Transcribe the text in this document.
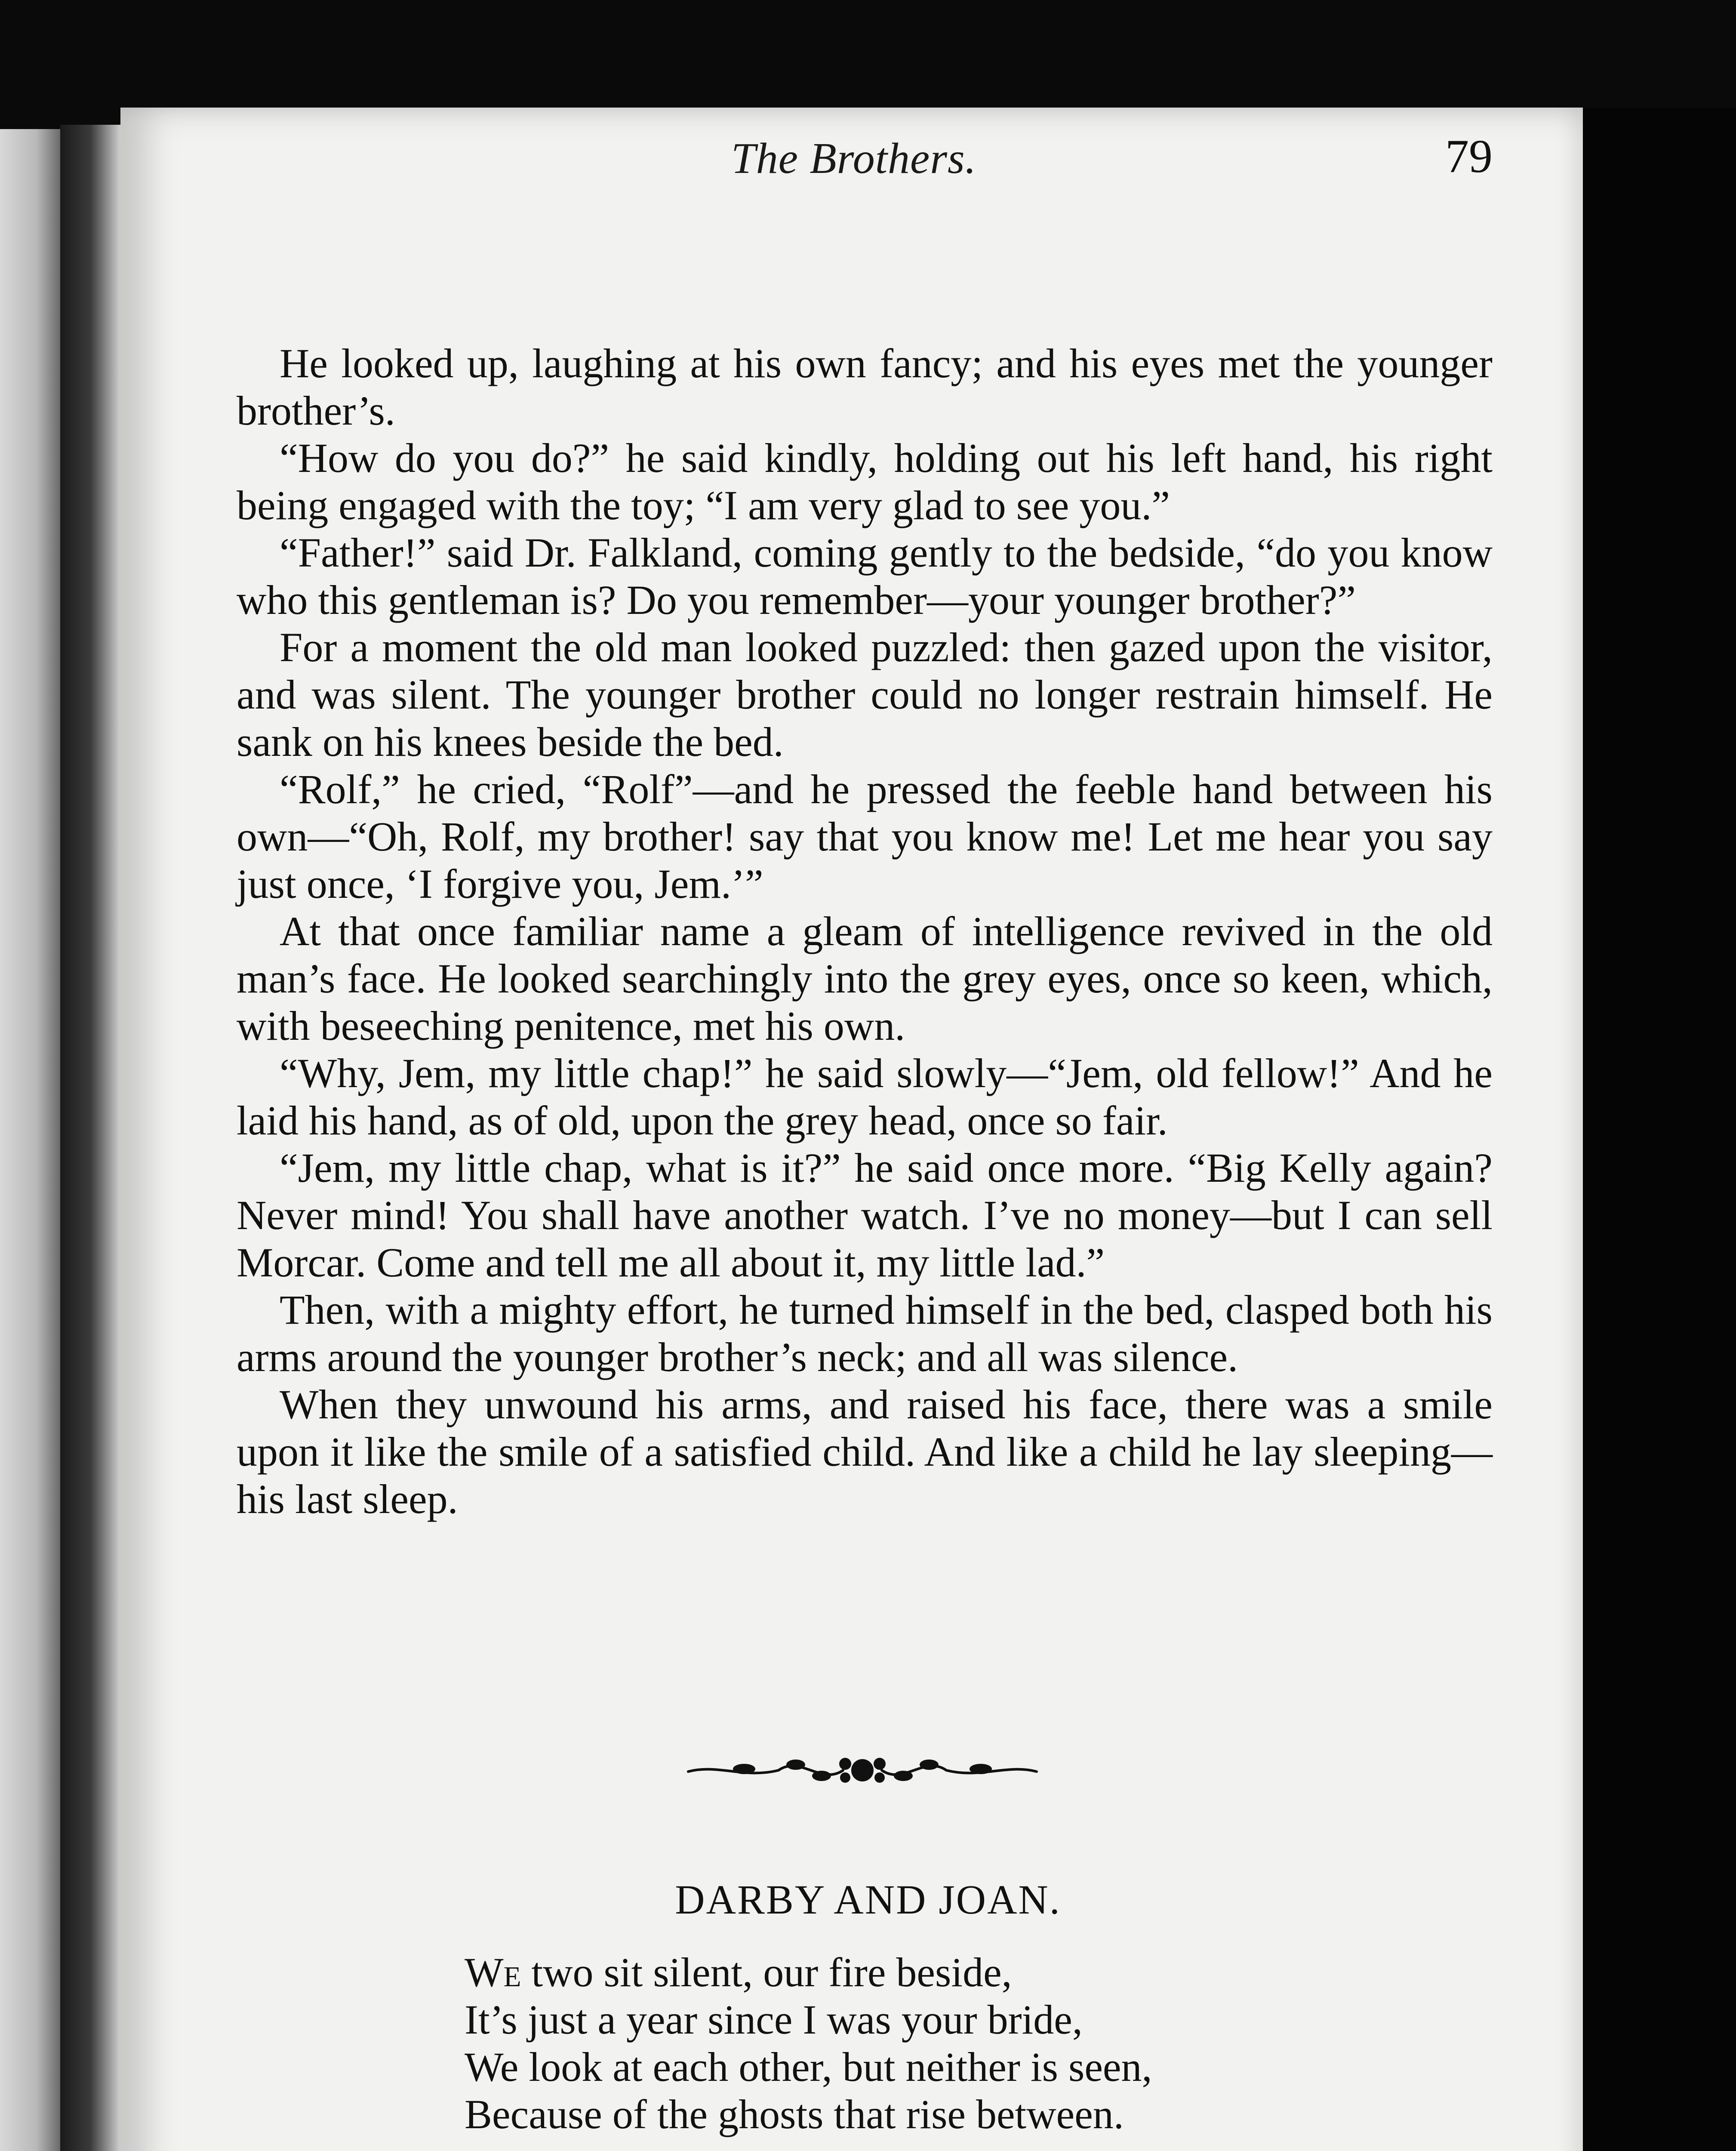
The Brothers.	79

He looked up, laughing at his own fancy; and his eyes met the younger brother’s.

“How do you do?” he said kindly, holding out his left hand, his right being engaged with the toy; “I am very glad to see you.”

“Father!” said Dr. Falkland, coming gently to the bedside, “do you know who this gentleman is? Do you remember—your younger brother?”

For a moment the old man looked puzzled: then gazed upon the visitor, and was silent. The younger brother could no longer restrain himself. He sank on his knees beside the bed.

“Rolf,” he cried, “Rolf”—and he pressed the feeble hand between his own—“Oh, Rolf, my brother! say that you know me! Let me hear you say just once, ‘I forgive you, Jem.’”

At that once familiar name a gleam of intelligence revived in the old man’s face. He looked searchingly into the grey eyes, once so keen, which, with beseeching penitence, met his own.

“Why, Jem, my little chap!” he said slowly—“Jem, old fellow!” And he laid his hand, as of old, upon the grey head, once so fair.

“Jem, my little chap, what is it?” he said once more. “Big Kelly again? Never mind! You shall have another watch. I’ve no money—but I can sell Morcar. Come and tell me all about it, my little lad.”

Then, with a mighty effort, he turned himself in the bed, clasped both his arms around the younger brother’s neck; and all was silence.

When they unwound his arms, and raised his face, there was a smile upon it like the smile of a satisfied child. And like a child he lay sleeping—his last sleep.

DARBY AND JOAN.
We two sit silent, our fire beside,
It’s just a year since I was your bride,
We look at each other, but neither is seen,
Because of the ghosts that rise between.
